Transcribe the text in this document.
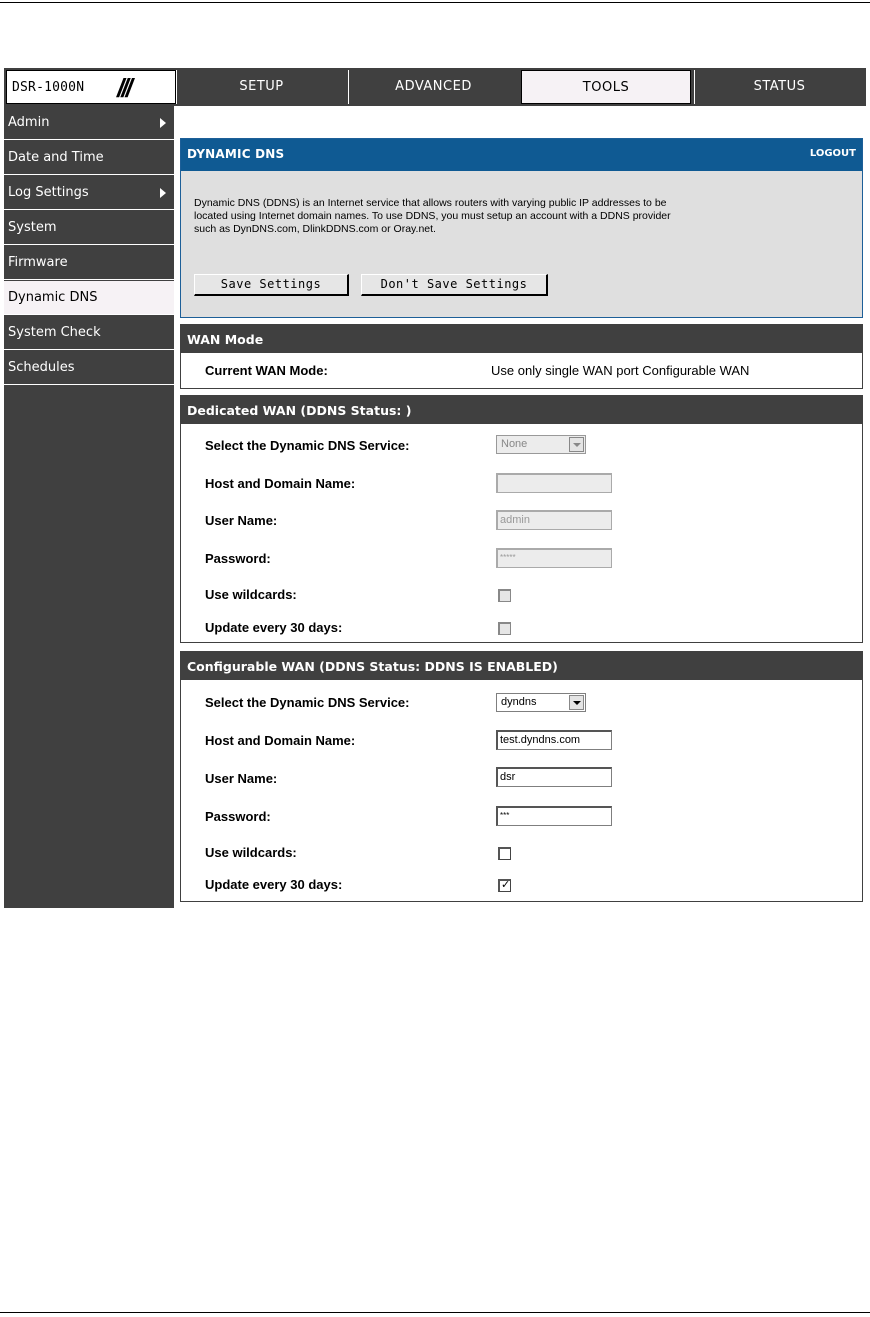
DSR-1000N ///	SETUP	ADVANCED	TOOLS	STATUS
Admin
Date and Time
Log Settings
System
Firmware
Dynamic DNS
System Check
Schedules
DYNAMIC DNS	LOGOUT
Dynamic DNS (DDNS) is an Internet service that allows routers with varying public IP addresses to be located using Internet domain names. To use DDNS, you must setup an account with a DDNS provider such as DynDNS.com, DlinkDDNS.com or Oray.net.
Save Settings	Don't Save Settings
WAN Mode
Current WAN Mode:	Use only single WAN port Configurable WAN
Dedicated WAN (DDNS Status: )
Select the Dynamic DNS Service:	None
Host and Domain Name:
User Name:	admin
Password:	*****
Use wildcards:
Update every 30 days:
Configurable WAN (DDNS Status: DDNS IS ENABLED)
Select the Dynamic DNS Service:	dyndns
Host and Domain Name:	test.dyndns.com
User Name:	dsr
Password:	***
Use wildcards:
Update every 30 days:	✓
